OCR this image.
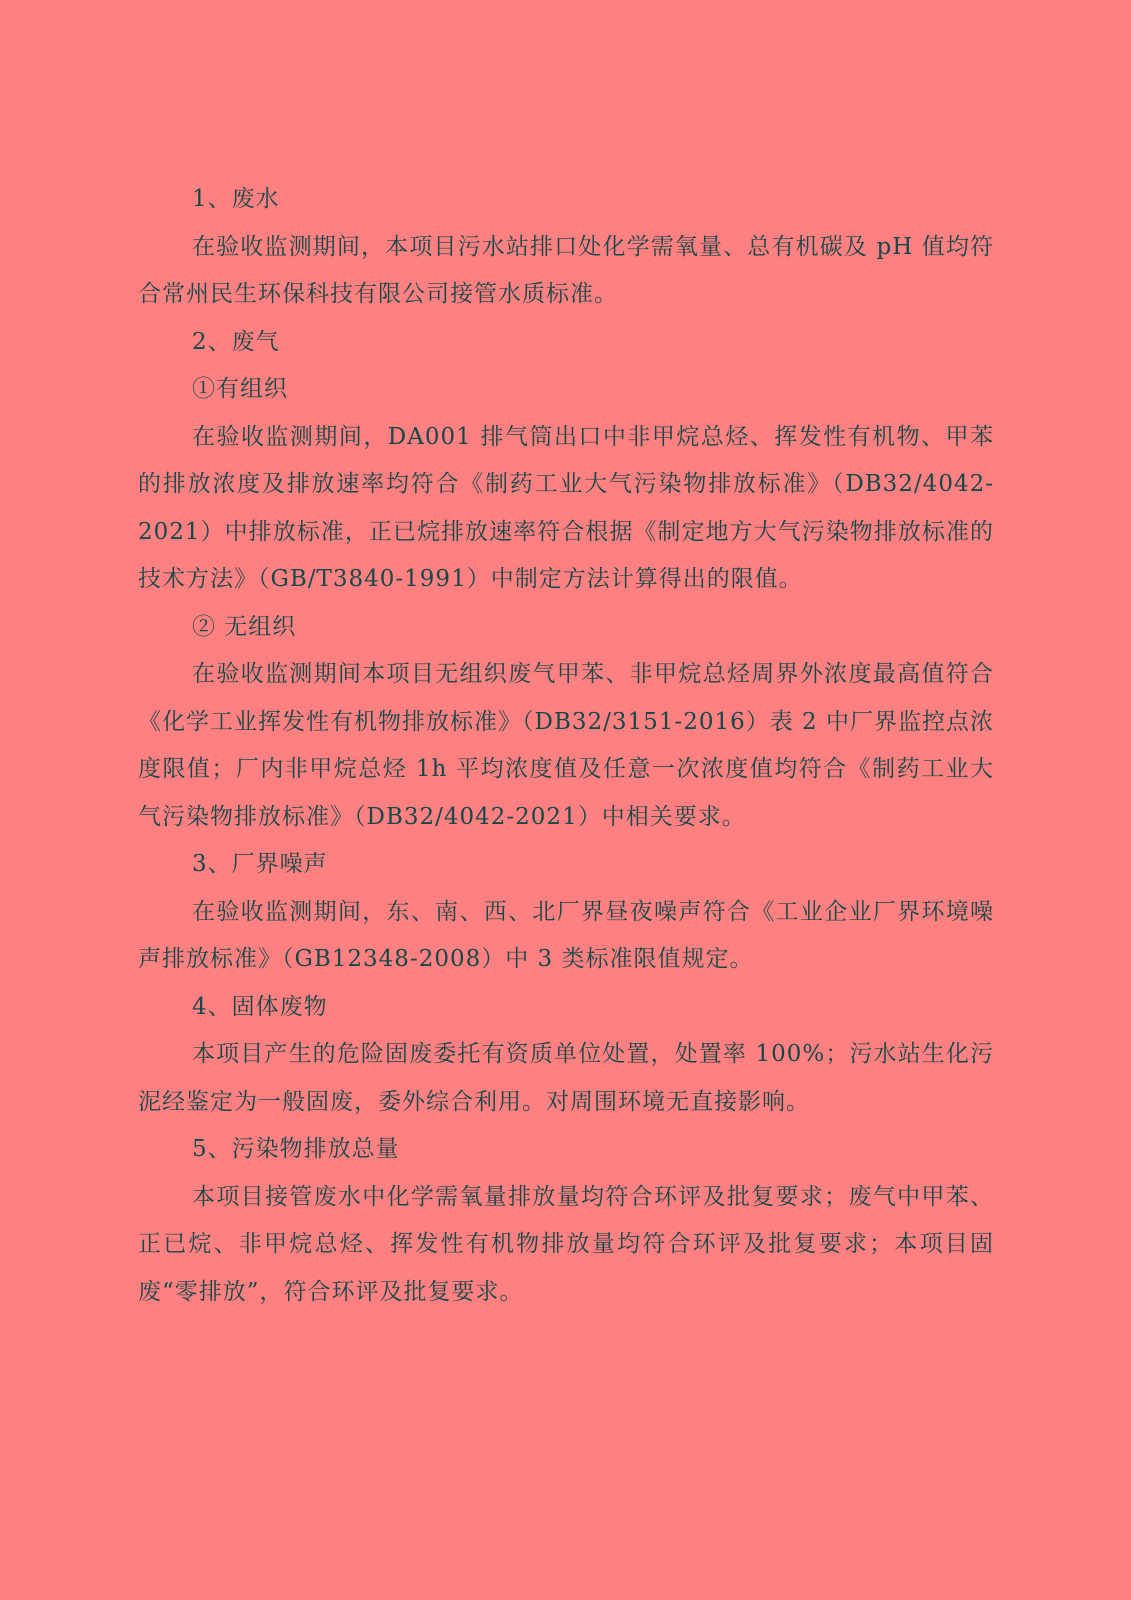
1、废水

在验收监测期间，本项目污水站排口处化学需氧量、总有机碳及 pH 值均符合常州民生环保科技有限公司接管水质标准。

2、废气

①有组织

在验收监测期间，DA001 排气筒出口中非甲烷总烃、挥发性有机物、甲苯的排放浓度及排放速率均符合《制药工业大气污染物排放标准》（DB32/4042-2021）中排放标准，正已烷排放速率符合根据《制定地方大气污染物排放标准的技术方法》（GB/T3840-1991）中制定方法计算得出的限值。

② 无组织

在验收监测期间本项目无组织废气甲苯、非甲烷总烃周界外浓度最高值符合《化学工业挥发性有机物排放标准》（DB32/3151-2016）表 2 中厂界监控点浓度限值；厂内非甲烷总烃 1h 平均浓度值及任意一次浓度值均符合《制药工业大气污染物排放标准》（DB32/4042-2021）中相关要求。

3、厂界噪声

在验收监测期间，东、南、西、北厂界昼夜噪声符合《工业企业厂界环境噪声排放标准》（GB12348-2008）中 3 类标准限值规定。

4、固体废物

本项目产生的危险固废委托有资质单位处置，处置率 100%；污水站生化污泥经鉴定为一般固废，委外综合利用。对周围环境无直接影响。

5、污染物排放总量

本项目接管废水中化学需氧量排放量均符合环评及批复要求；废气中甲苯、正已烷、非甲烷总烃、挥发性有机物排放量均符合环评及批复要求；本项目固废“零排放”，符合环评及批复要求。
